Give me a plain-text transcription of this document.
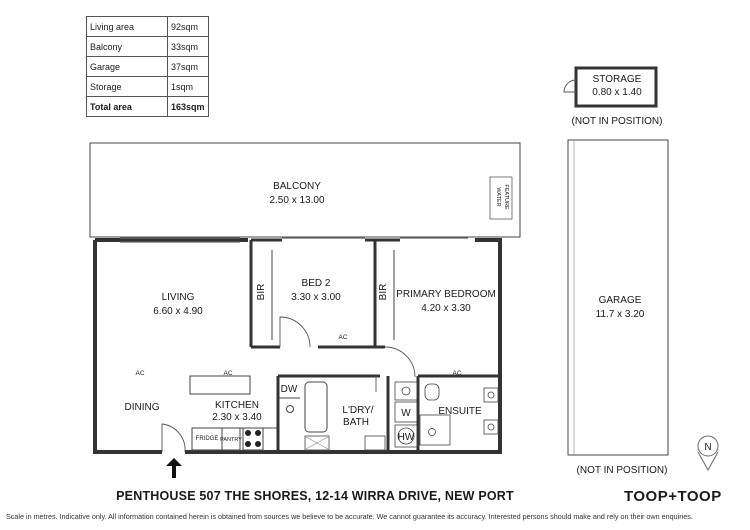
Living area	92sqm
Balcony	33sqm
Garage	37sqm
Storage	1sqm
Total area	163sqm
BALCONY
2.50 x 13.00	WATER FEATURE
LIVING
6.60 x 4.90
BED 2
3.30 x 3.00	PRIMARY BEDROOM
4.20 x 3.30
KITCHEN
2.30 x 3.40
DINING	L'DRY/
BATH
ENSUITE
STORAGE
0.80 x 1.40
(NOT IN POSITION)
GARAGE
11.7 x 3.20
(NOT IN POSITION)
DW
W
HW
BIR	BIR
FRIDGE PANTRY
AC	AC
AC
AC
N
PENTHOUSE 507 THE SHORES, 12-14 WIRRA DRIVE, NEW PORT	TOOP+TOOP
Scale in metres. Indicative only. All information contained herein is obtained from sources we believe to be accurate. We cannot guarantee its accuracy. Interested persons should make and rely on their own enquiries.
